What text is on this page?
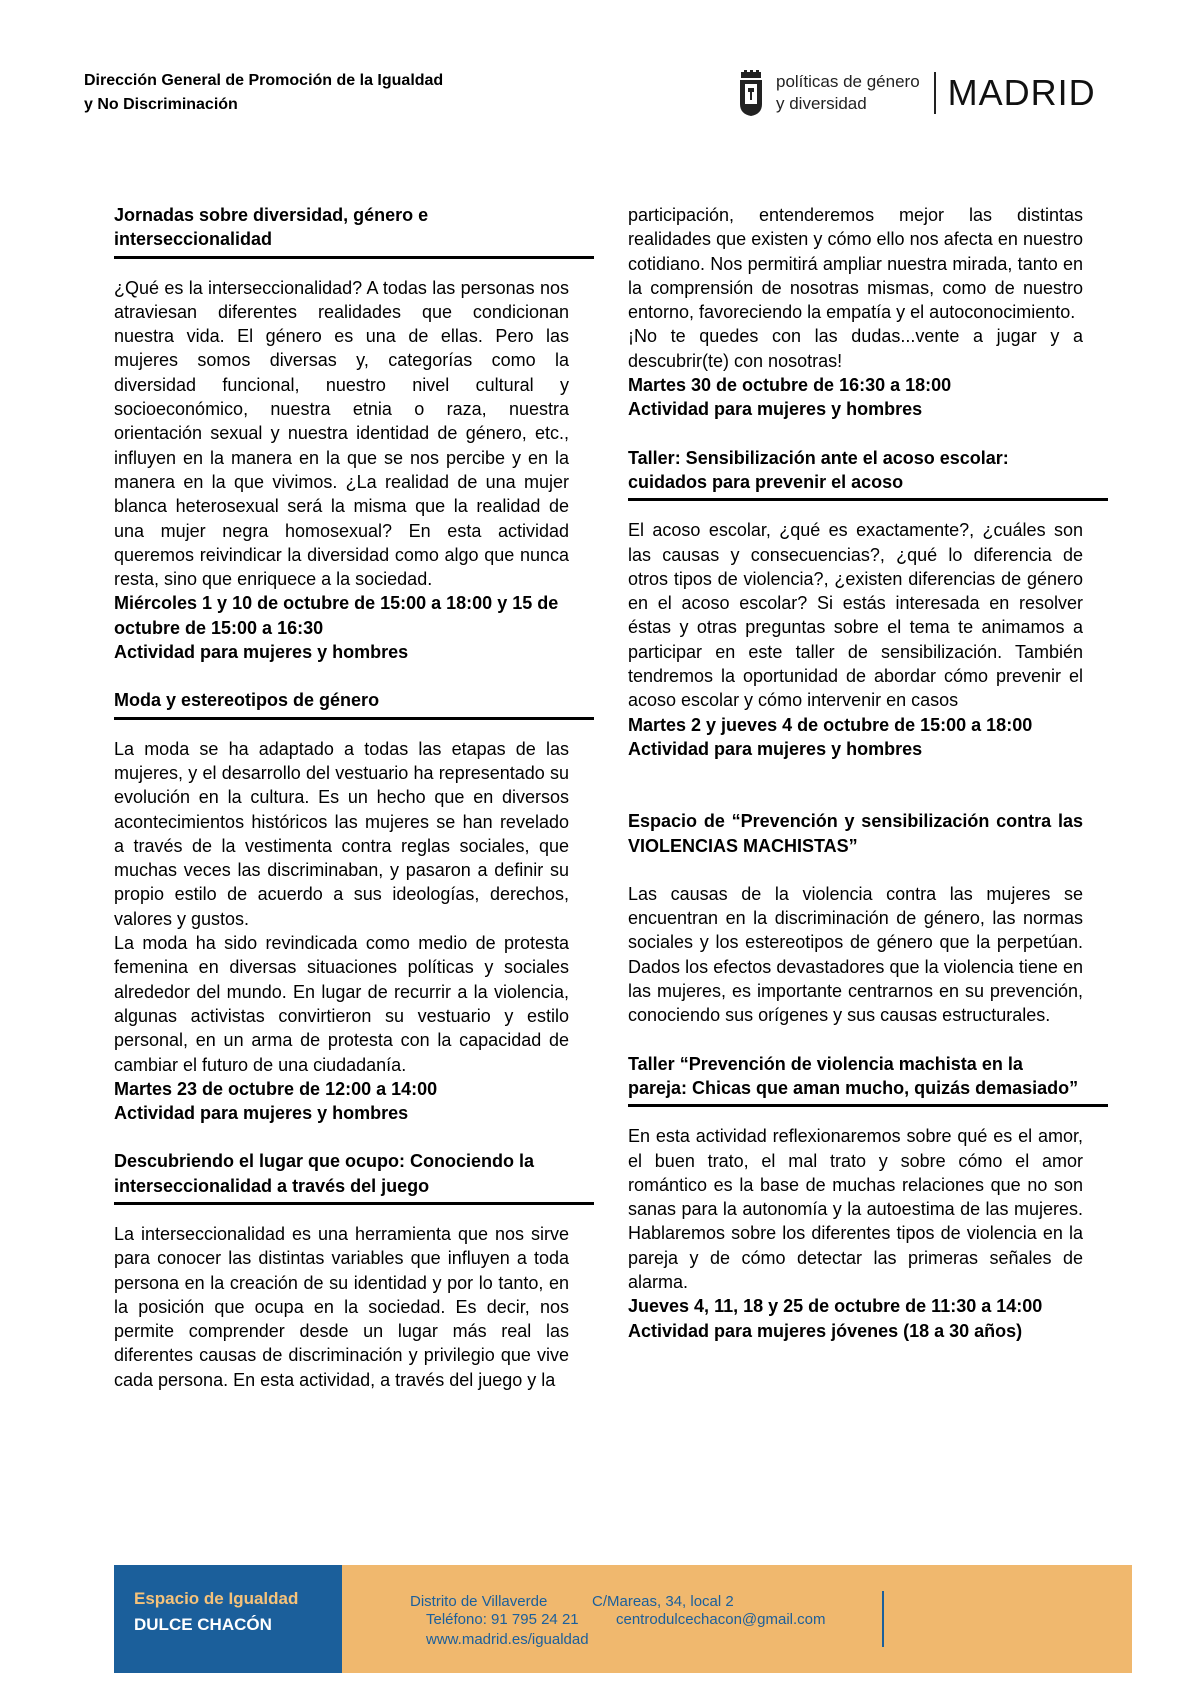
Dirección General de Promoción de la Igualdad
y No Discriminación
políticas de género
y diversidad	MADRID

Jornadas sobre diversidad, género e interseccionalidad

¿Qué es la interseccionalidad? A todas las personas nos atraviesan diferentes realidades que condicionan nuestra vida. El género es una de ellas. Pero las mujeres somos diversas y, categorías como la diversidad funcional, nuestro nivel cultural y socioeconómico, nuestra etnia o raza, nuestra orientación sexual y nuestra identidad de género, etc., influyen en la manera en la que se nos percibe y en la manera en la que vivimos. ¿La realidad de una mujer blanca heterosexual será la misma que la realidad de una mujer negra homosexual? En esta actividad queremos reivindicar la diversidad como algo que nunca resta, sino que enriquece a la sociedad.

Miércoles 1 y 10 de octubre de 15:00 a 18:00 y 15 de octubre de 15:00 a 16:30

Actividad para mujeres y hombres

Moda y estereotipos de género

La moda se ha adaptado a todas las etapas de las mujeres, y el desarrollo del vestuario ha representado su evolución en la cultura. Es un hecho que en diversos acontecimientos históricos las mujeres se han revelado a través de la vestimenta contra reglas sociales, que muchas veces las discriminaban, y pasaron a definir su propio estilo de acuerdo a sus ideologías, derechos, valores y gustos.

La moda ha sido revindicada como medio de protesta femenina en diversas situaciones políticas y sociales alrededor del mundo. En lugar de recurrir a la violencia, algunas activistas convirtieron su vestuario y estilo personal, en un arma de protesta con la capacidad de cambiar el futuro de una ciudadanía.

Martes 23 de octubre de 12:00 a 14:00

Actividad para mujeres y hombres

Descubriendo el lugar que ocupo: Conociendo la interseccionalidad a través del juego

La interseccionalidad es una herramienta que nos sirve para conocer las distintas variables que influyen a toda persona en la creación de su identidad y por lo tanto, en la posición que ocupa en la sociedad. Es decir, nos permite comprender desde un lugar más real las diferentes causas de discriminación y privilegio que vive cada persona. En esta actividad, a través del juego y la

participación, entenderemos mejor las distintas realidades que existen y cómo ello nos afecta en nuestro cotidiano. Nos permitirá ampliar nuestra mirada, tanto en la comprensión de nosotras mismas, como de nuestro entorno, favoreciendo la empatía y el autoconocimiento.

¡No te quedes con las dudas...vente a jugar y a descubrir(te) con nosotras!

Martes 30 de octubre de 16:30 a 18:00

Actividad para mujeres y hombres

Taller: Sensibilización ante el acoso escolar: cuidados para prevenir el acoso

El acoso escolar, ¿qué es exactamente?, ¿cuáles son las causas y consecuencias?, ¿qué lo diferencia de otros tipos de violencia?, ¿existen diferencias de género en el acoso escolar? Si estás interesada en resolver éstas y otras preguntas sobre el tema te animamos a participar en este taller de sensibilización. También tendremos la oportunidad de abordar cómo prevenir el acoso escolar y cómo intervenir en casos

Martes 2 y jueves 4 de octubre de 15:00 a 18:00

Actividad para mujeres y hombres

Espacio de “Prevención y sensibilización contra las VIOLENCIAS MACHISTAS”

Las causas de la violencia contra las mujeres se encuentran en la discriminación de género, las normas sociales y los estereotipos de género que la perpetúan. Dados los efectos devastadores que la violencia tiene en las mujeres, es importante centrarnos en su prevención, conociendo sus orígenes y sus causas estructurales.

Taller “Prevención de violencia machista en la pareja: Chicas que aman mucho, quizás demasiado”

En esta actividad reflexionaremos sobre qué es el amor, el buen trato, el mal trato y sobre cómo el amor romántico es la base de muchas relaciones que no son sanas para la autonomía y la autoestima de las mujeres. Hablaremos sobre los diferentes tipos de violencia en la pareja y de cómo detectar las primeras señales de alarma.

Jueves 4, 11, 18 y 25 de octubre de 11:30 a 14:00

Actividad para mujeres jóvenes (18 a 30 años)

Espacio de Igualdad
DULCE CHACÓN
Distrito de Villaverde	C/Mareas, 34, local 2
Teléfono: 91 795 24 21 centrodulcechacon@gmail.com
www.madrid.es/igualdad
